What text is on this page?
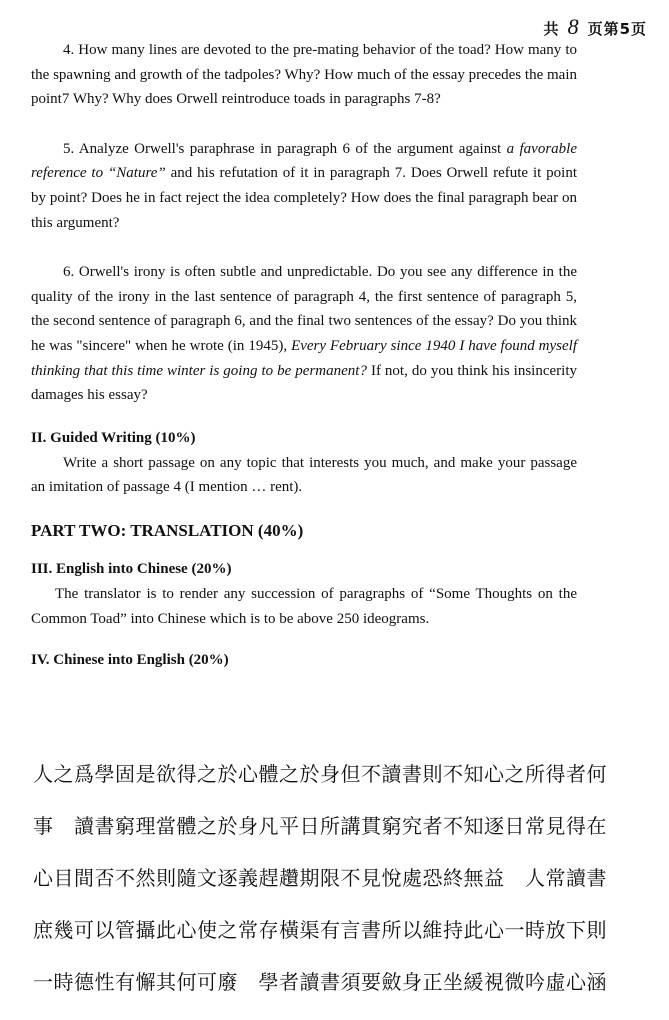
共 8 页第5页

4. How many lines are devoted to the pre-mating behavior of the toad? How many to the spawning and growth of the tadpoles? Why? How much of the essay precedes the main point7 Why? Why does Orwell reintroduce toads in paragraphs 7-8?

5. Analyze Orwell's paraphrase in paragraph 6 of the argument against a favorable reference to “Nature” and his refutation of it in paragraph 7. Does Orwell refute it point by point? Does he in fact reject the idea completely? How does the final paragraph bear on this argument?

6. Orwell's irony is often subtle and unpredictable. Do you see any difference in the quality of the irony in the last sentence of paragraph 4, the first sentence of paragraph 5, the second sentence of paragraph 6, and the final two sentences of the essay? Do you think he was "sincere" when he wrote (in 1945), Every February since 1940 I have found myself thinking that this time winter is going to be permanent? If not, do you think his insincerity damages his essay?

II. Guided Writing (10%)

Write a short passage on any topic that interests you much, and make your passage an imitation of passage 4 (I mention … rent).

PART TWO: TRANSLATION (40%)
III. English into Chinese (20%)

The translator is to render any succession of paragraphs of “Some Thoughts on the Common Toad” into Chinese which is to be above 250 ideograms.

IV. Chinese into English (20%)
人之爲學固是欲得之於心體之於身但不讀書則不知心之所得者何
事　讀書窮理當體之於身凡平日所講貫窮究者不知逐日常見得在
心目間否不然則隨文逐義趕趲期限不見悅處恐終無益　人常讀書
庶幾可以管攝此心使之常存橫渠有言書所以維持此心一時放下則
一時德性有懈其何可廢　學者讀書須要斂身正坐緩視微吟虛心涵
